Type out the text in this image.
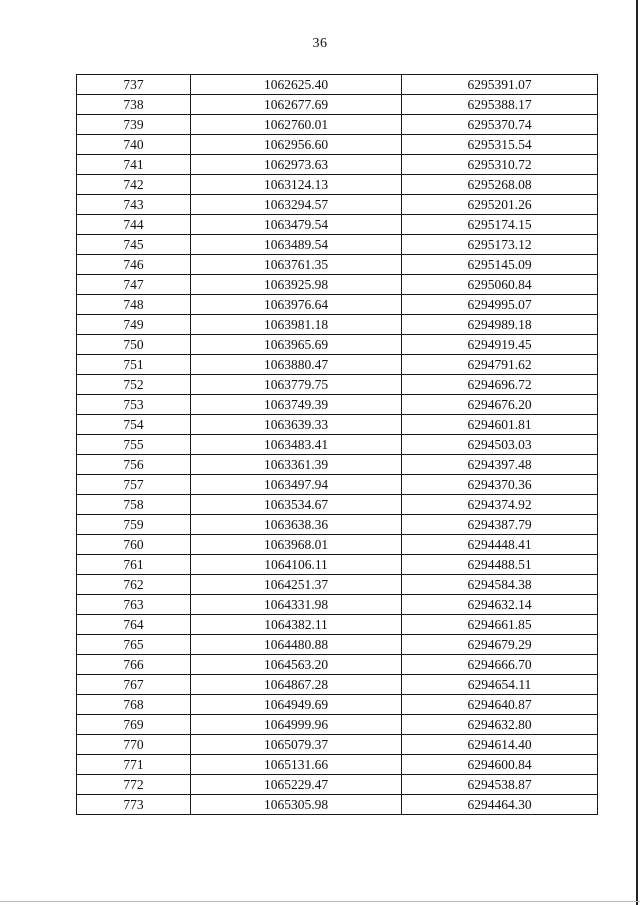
36
737	1062625.40	6295391.07
738	1062677.69	6295388.17
739	1062760.01	6295370.74
740	1062956.60	6295315.54
741	1062973.63	6295310.72
742	1063124.13	6295268.08
743	1063294.57	6295201.26
744	1063479.54	6295174.15
745	1063489.54	6295173.12
746	1063761.35	6295145.09
747	1063925.98	6295060.84
748	1063976.64	6294995.07
749	1063981.18	6294989.18
750	1063965.69	6294919.45
751	1063880.47	6294791.62
752	1063779.75	6294696.72
753	1063749.39	6294676.20
754	1063639.33	6294601.81
755	1063483.41	6294503.03
756	1063361.39	6294397.48
757	1063497.94	6294370.36
758	1063534.67	6294374.92
759	1063638.36	6294387.79
760	1063968.01	6294448.41
761	1064106.11	6294488.51
762	1064251.37	6294584.38
763	1064331.98	6294632.14
764	1064382.11	6294661.85
765	1064480.88	6294679.29
766	1064563.20	6294666.70
767	1064867.28	6294654.11
768	1064949.69	6294640.87
769	1064999.96	6294632.80
770	1065079.37	6294614.40
771	1065131.66	6294600.84
772	1065229.47	6294538.87
773	1065305.98	6294464.30
